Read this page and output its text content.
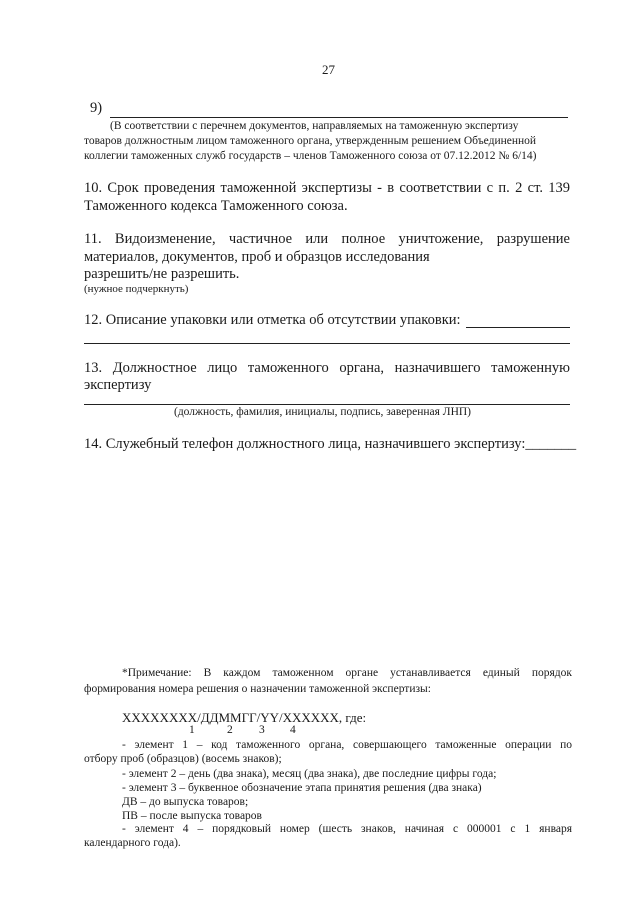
27
9)
(В соответствии с перечнем документов, направляемых на таможенную экспертизу
товаров должностным лицом таможенного органа, утвержденным решением Объединенной
коллегии таможенных служб государств – членов Таможенного союза от 07.12.2012 № 6/14)
10. Срок проведения таможенной экспертизы - в соответствии с п. 2 ст. 139
Таможенного кодекса Таможенного союза.
11. Видоизменение, частичное или полное уничтожение, разрушение
материалов, документов, проб и образцов исследования
разрешить/не разрешить.
(нужное подчеркнуть)
12. Описание упаковки или отметка об отсутствии упаковки:
13. Должностное лицо таможенного органа, назначившего таможенную
экспертизу
(должность, фамилия, инициалы, подпись, заверенная ЛНП)
14. Служебный телефон должностного лица, назначившего экспертизу:_______
*Примечание: В каждом таможенном органе устанавливается единый порядок
формирования номера решения о назначении таможенной экспертизы:
XXXXXXXX/ДДММГГ/YY/XXXXXX, где:
1	2 3 4
- элемент 1 – код таможенного органа, совершающего таможенные операции по
отбору проб (образцов) (восемь знаков);
- элемент 2 – день (два знака), месяц (два знака), две последние цифры года;
- элемент 3 – буквенное обозначение этапа принятия решения (два знака)
ДВ – до выпуска товаров;
ПВ – после выпуска товаров
- элемент 4 – порядковый номер (шесть знаков, начиная с 000001 с 1 января
календарного года).
